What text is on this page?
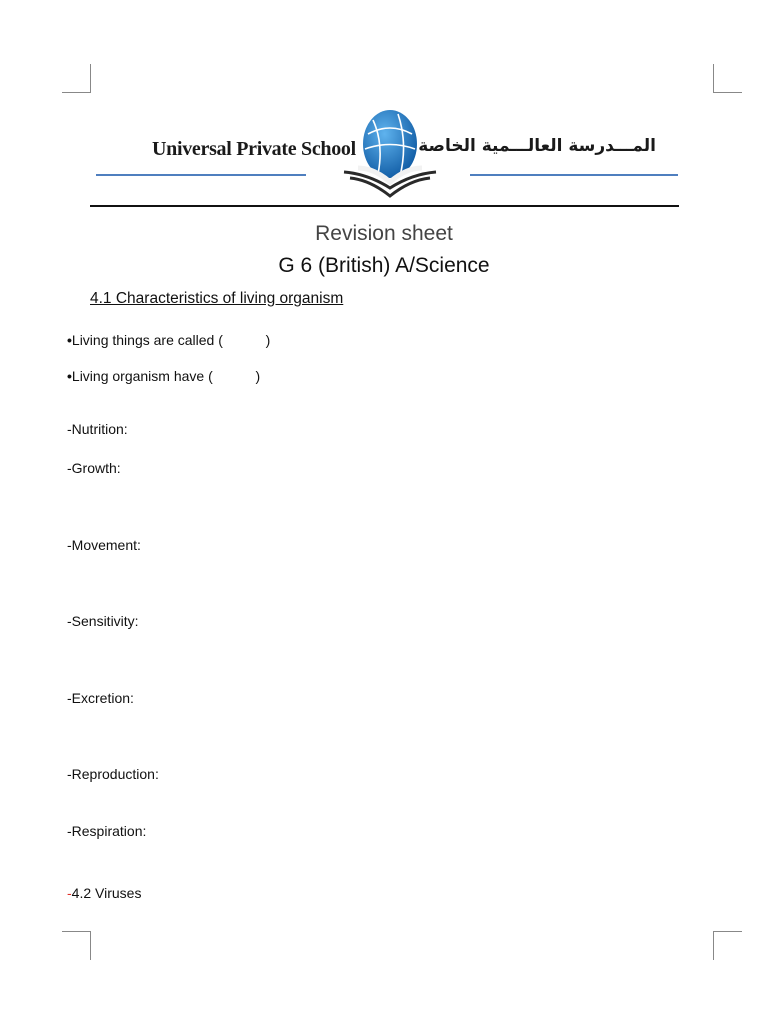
Universal Private School	المـــدرسة العالـــمية الخاصة
Revision sheet
G 6 (British) A/Science
4.1 Characteristics of living organism
•Living things are called (           )
•Living organism have (           )
-Nutrition:
-Growth:
-Movement:
-Sensitivity:
-Excretion:
-Reproduction:
-Respiration:
-4.2 Viruses
